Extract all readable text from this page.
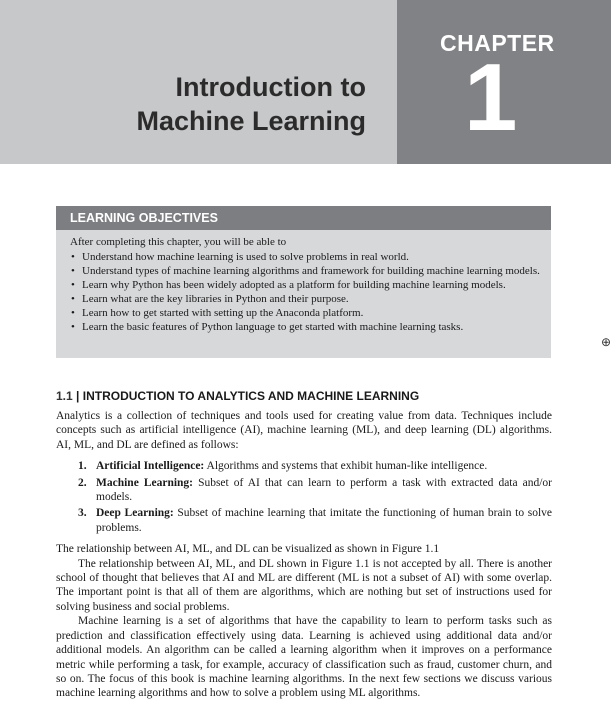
Introduction to
Machine Learning
CHAPTER
1
LEARNING OBJECTIVES
After completing this chapter, you will be able to
• Understand how machine learning is used to solve problems in real world.
• Understand types of machine learning algorithms and framework for building machine learning models.
• Learn why Python has been widely adopted as a platform for building machine learning models.
• Learn what are the key libraries in Python and their purpose.
• Learn how to get started with setting up the Anaconda platform.
• Learn the basic features of Python language to get started with machine learning tasks.
⊕
1.1 | INTRODUCTION TO ANALYTICS AND MACHINE LEARNING

Analytics is a collection of techniques and tools used for creating value from data. Techniques include concepts such as artificial intelligence (AI), machine learning (ML), and deep learning (DL) algorithms. AI, ML, and DL are defined as follows:

1. Artificial Intelligence: Algorithms and systems that exhibit human-like intelligence.
2. Machine Learning: Subset of AI that can learn to perform a task with extracted data and/or models.
3. Deep Learning: Subset of machine learning that imitate the functioning of human brain to solve problems.

The relationship between AI, ML, and DL can be visualized as shown in Figure 1.1

The relationship between AI, ML, and DL shown in Figure 1.1 is not accepted by all. There is another school of thought that believes that AI and ML are different (ML is not a subset of AI) with some overlap. The important point is that all of them are algorithms, which are nothing but set of instructions used for solving business and social problems.

Machine learning is a set of algorithms that have the capability to learn to perform tasks such as prediction and classification effectively using data. Learning is achieved using additional data and/or additional models. An algorithm can be called a learning algorithm when it improves on a performance metric while performing a task, for example, accuracy of classification such as fraud, customer churn, and so on. The focus of this book is machine learning algorithms. In the next few sections we discuss various machine learning algorithms and how to solve a problem using ML algorithms.
